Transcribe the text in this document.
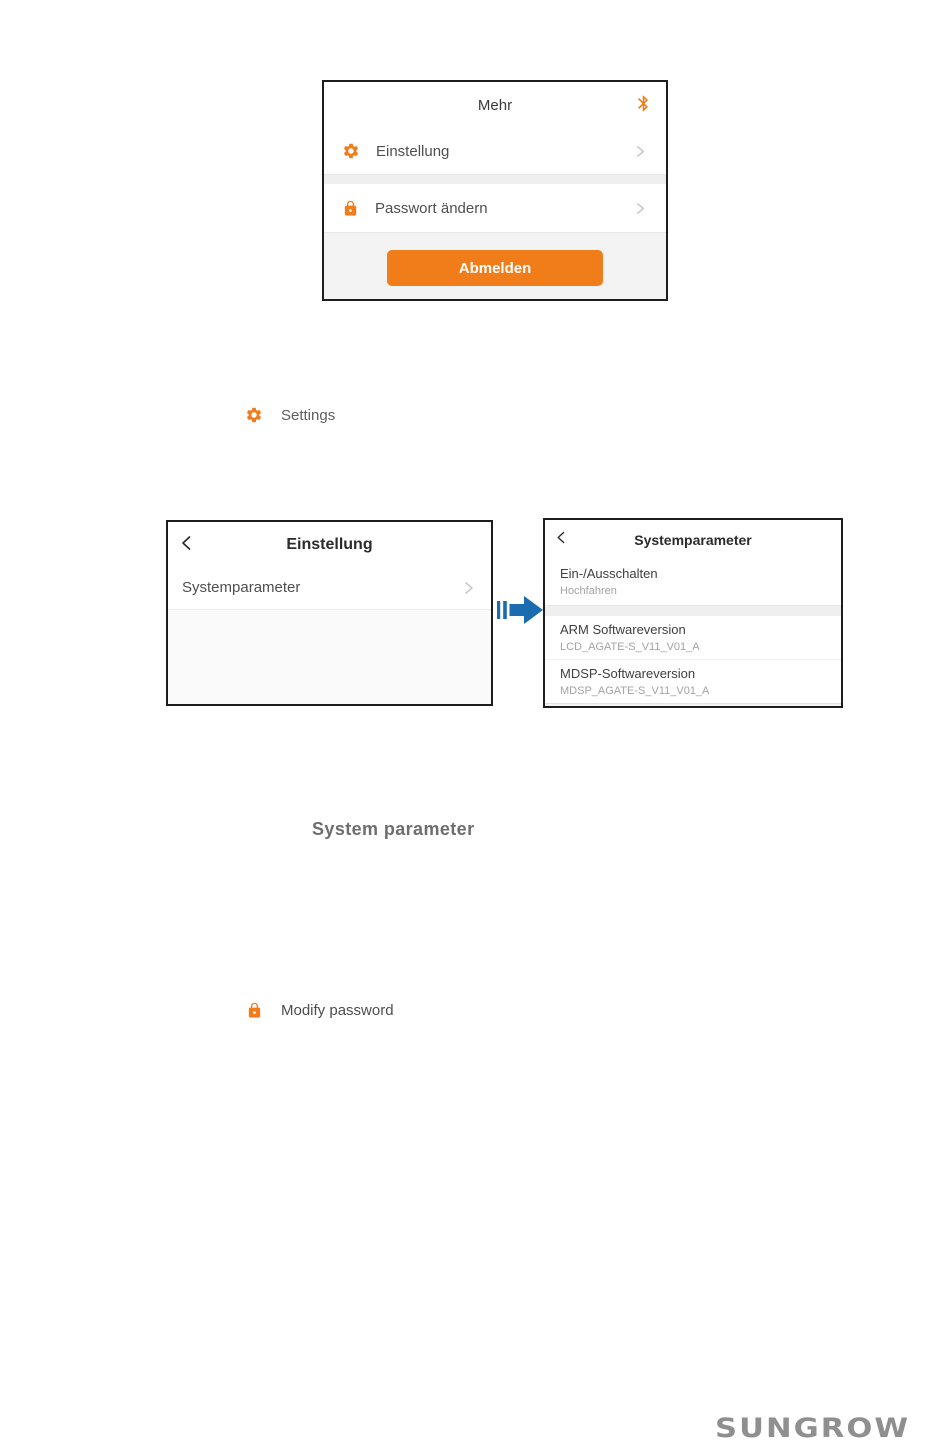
Mehr
Einstellung
Passwort ändern
Abmelden
Settings
Einstellung
Systemparameter
Systemparameter
Ein-/Ausschalten
Hochfahren
ARM Softwareversion
LCD_AGATE-S_V11_V01_A
MDSP-Softwareversion
MDSP_AGATE-S_V11_V01_A
System parameter
Modify password
SUNGROW
